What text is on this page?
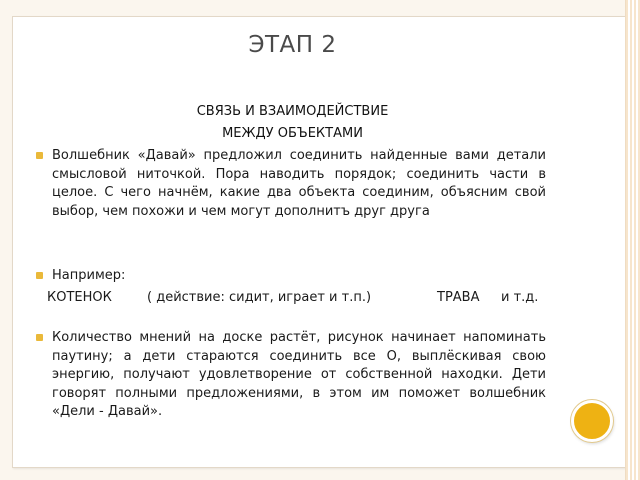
ЭТАП 2

СВЯЗЬ И ВЗАИМОДЕЙСТВИЕ

МЕЖДУ ОБЪЕКТАМИ

Волшебник «Давай» предложил соединить найденные вами детали смысловой ниточкой. Пора наводить порядок; соединить части в целое. С чего начнём, какие два объекта соединим, объясним свой выбор, чем похожи и чем могут дополнитъ друг друга

Например:

КОТЕНОК	( действие: сидит, играет и т.п.)	ТРАВА и т.д.

Количество мнений на доске растёт, рисунок начинает напоминать паутину; а дети стараются соединить все О, выплёскивая свою энергию, получают удовлетворение от собственной находки. Дети говорят полными предложениями, в этом им поможет волшебник «Дели - Давай».
